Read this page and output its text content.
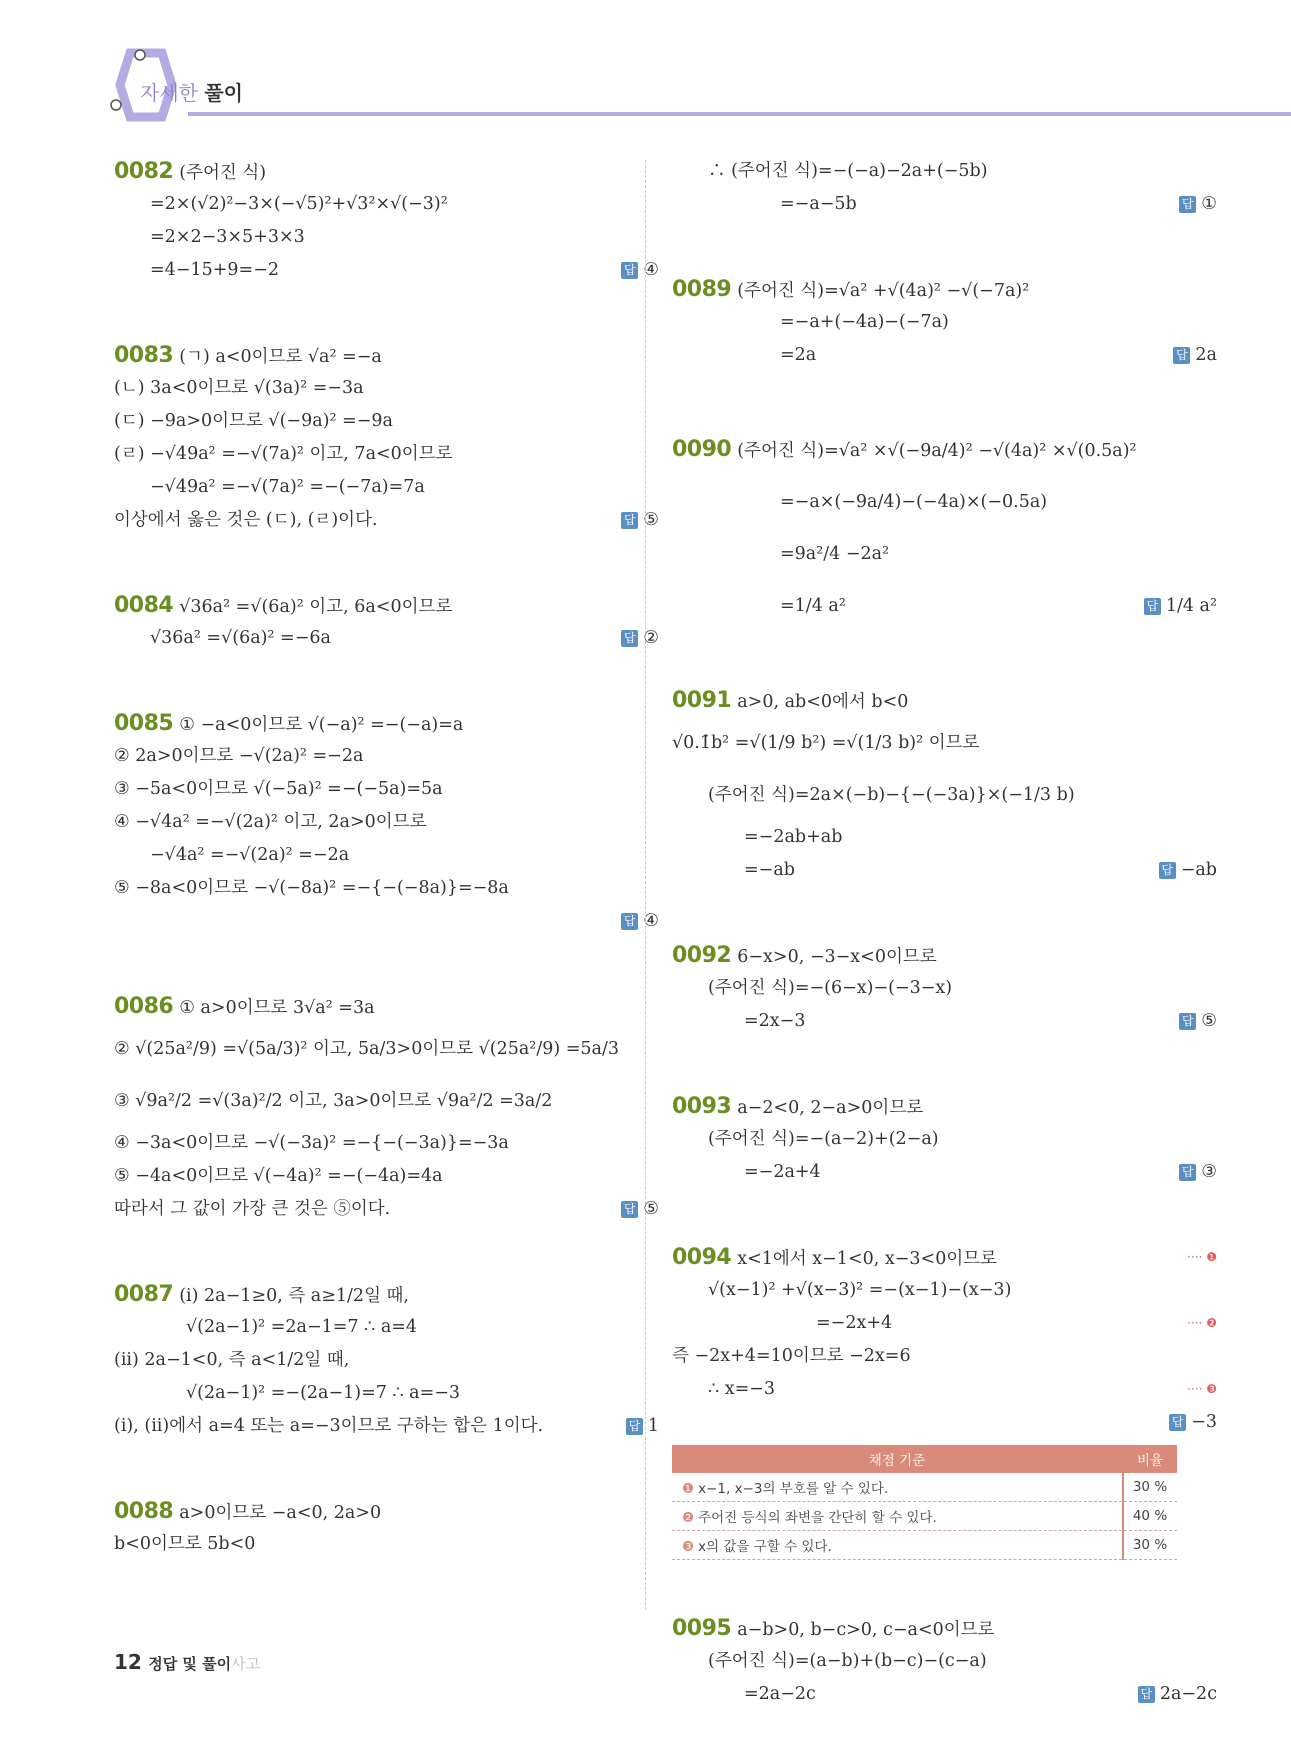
자세한 풀이
0082 (주어진 식)
=2×(√2)²−3×(−√5)²+√3²×√(−3)²
=2×2−3×5+3×3
=4−15+9=−2	답 ④
0083 (ㄱ) a<0이므로 √a² =−a
(ㄴ) 3a<0이므로 √(3a)² =−3a
(ㄷ) −9a>0이므로 √(−9a)² =−9a
(ㄹ) −√49a² =−√(7a)² 이고, 7a<0이므로
−√49a² =−√(7a)² =−(−7a)=7a
이상에서 옳은 것은 (ㄷ), (ㄹ)이다.	답 ⑤
0084 √36a² =√(6a)² 이고, 6a<0이므로
√36a² =√(6a)² =−6a	답 ②
0085 ① −a<0이므로 √(−a)² =−(−a)=a
② 2a>0이므로 −√(2a)² =−2a
③ −5a<0이므로 √(−5a)² =−(−5a)=5a
④ −√4a² =−√(2a)² 이고, 2a>0이므로
−√4a² =−√(2a)² =−2a
⑤ −8a<0이므로 −√(−8a)² =−{−(−8a)}=−8a
답 ④
0086 ① a>0이므로 3√a² =3a
② √(25a²/9) =√(5a/3)² 이고, 5a/3>0이므로 √(25a²/9) =5a/3
③ √9a²/2 =√(3a)²/2 이고, 3a>0이므로 √9a²/2 =3a/2
④ −3a<0이므로 −√(−3a)² =−{−(−3a)}=−3a
⑤ −4a<0이므로 √(−4a)² =−(−4a)=4a
따라서 그 값이 가장 큰 것은 ⑤이다.	답 ⑤
0087 (i) 2a−1≥0, 즉 a≥1/2일 때,
√(2a−1)² =2a−1=7 ∴ a=4
(ii) 2a−1<0, 즉 a<1/2일 때,
√(2a−1)² =−(2a−1)=7 ∴ a=−3
(i), (ii)에서 a=4 또는 a=−3이므로 구하는 합은 1이다.	답 1
0088 a>0이므로 −a<0, 2a>0
b<0이므로 5b<0
∴ (주어진 식)=−(−a)−2a+(−5b)
=−a−5b	답 ①
0089 (주어진 식)=√a² +√(4a)² −√(−7a)²
=−a+(−4a)−(−7a)
=2a	답 2a
0090 (주어진 식)=√a² ×√(−9a/4)² −√(4a)² ×√(0.5a)²
=−a×(−9a/4)−(−4a)×(−0.5a)
=9a²/4 −2a²
=1/4 a²	답 1/4 a²
0091 a>0, ab<0에서 b<0
√0.1̇b² =√(1/9 b²) =√(1/3 b)² 이므로
(주어진 식)=2a×(−b)−{−(−3a)}×(−1/3 b)
=−2ab+ab
=−ab	답 −ab
0092 6−x>0, −3−x<0이므로
(주어진 식)=−(6−x)−(−3−x)
=2x−3	답 ⑤
0093 a−2<0, 2−a>0이므로
(주어진 식)=−(a−2)+(2−a)
=−2a+4	답 ③
0094 x<1에서 x−1<0, x−3<0이므로	···· ❶
√(x−1)² +√(x−3)² =−(x−1)−(x−3)
=−2x+4	···· ❷
즉 −2x+4=10이므로 −2x=6
∴ x=−3	···· ❸
답 −3
채점 기준	비율
❶ x−1, x−3의 부호를 알 수 있다.	30 %
❷ 주어진 등식의 좌변을 간단히 할 수 있다.	40 %
❸ x의 값을 구할 수 있다.	30 %
0095 a−b>0, b−c>0, c−a<0이므로
(주어진 식)=(a−b)+(b−c)−(c−a)
=2a−2c	답 2a−2c
12 정답 및 풀이사고
